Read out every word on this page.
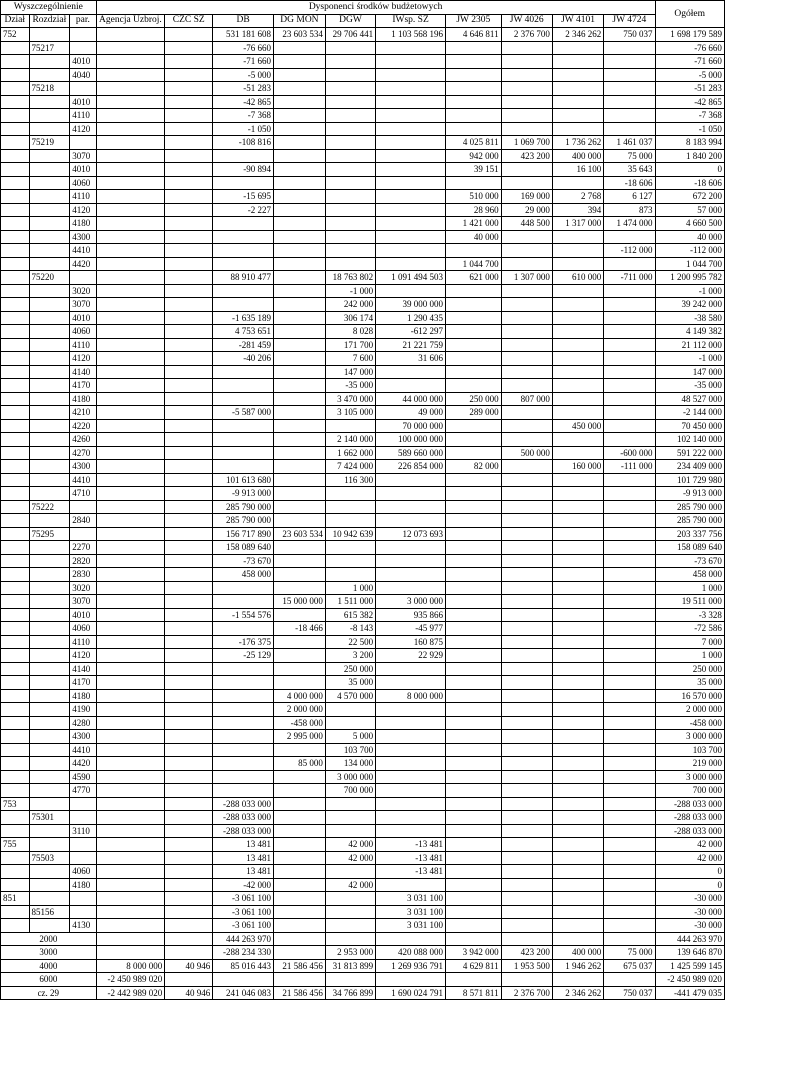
Wyszczególnienie			Dysponenci środków budżetowych										Ogółem
Dział	Rozdział	par.	Agencja Uzbroj.	CZC SZ	DB	DG MON	DGW	IWsp. SZ	JW 2305	JW 4026	JW 4101	JW 4724	
752					531 181 608	23 603 534	29 706 441	1 103 568 196	4 646 811	2 376 700	2 346 262	750 037	1 698 179 589
	75217				-76 660								-76 660
		4010			-71 660								-71 660
		4040			-5 000								-5 000
	75218				-51 283								-51 283
		4010			-42 865								-42 865
		4110			-7 368								-7 368
		4120			-1 050								-1 050
	75219				-108 816				4 025 811	1 069 700	1 736 262	1 461 037	8 183 994
		3070							942 000	423 200	400 000	75 000	1 840 200
		4010			-90 894				39 151		16 100	35 643	0
		4060										-18 606	-18 606
		4110			-15 695				510 000	169 000	2 768	6 127	672 200
		4120			-2 227				28 960	29 000	394	873	57 000
		4180							1 421 000	448 500	1 317 000	1 474 000	4 660 500
		4300							40 000				40 000
		4410										-112 000	-112 000
		4420							1 044 700				1 044 700
	75220				88 910 477		18 763 802	1 091 494 503	621 000	1 307 000	610 000	-711 000	1 200 995 782
		3020					-1 000						-1 000
		3070					242 000	39 000 000					39 242 000
		4010			-1 635 189		306 174	1 290 435					-38 580
		4060			4 753 651		8 028	-612 297					4 149 382
		4110			-281 459		171 700	21 221 759					21 112 000
		4120			-40 206		7 600	31 606					-1 000
		4140					147 000						147 000
		4170					-35 000						-35 000
		4180					3 470 000	44 000 000	250 000	807 000			48 527 000
		4210			-5 587 000		3 105 000	49 000	289 000				-2 144 000
		4220						70 000 000			450 000		70 450 000
		4260					2 140 000	100 000 000					102 140 000
		4270					1 662 000	589 660 000		500 000		-600 000	591 222 000
		4300					7 424 000	226 854 000	82 000		160 000	-111 000	234 409 000
		4410			101 613 680		116 300						101 729 980
		4710			-9 913 000								-9 913 000
	75222				285 790 000								285 790 000
		2840			285 790 000								285 790 000
	75295				156 717 890	23 603 534	10 942 639	12 073 693					203 337 756
		2270			158 089 640								158 089 640
		2820			-73 670								-73 670
		2830			458 000								458 000
		3020					1 000						1 000
		3070				15 000 000	1 511 000	3 000 000					19 511 000
		4010			-1 554 576		615 382	935 866					-3 328
		4060				-18 466	-8 143	-45 977					-72 586
		4110			-176 375		22 500	160 875					7 000
		4120			-25 129		3 200	22 929					1 000
		4140					250 000						250 000
		4170					35 000						35 000
		4180				4 000 000	4 570 000	8 000 000					16 570 000
		4190				2 000 000							2 000 000
		4280				-458 000							-458 000
		4300				2 995 000	5 000						3 000 000
		4410					103 700						103 700
		4420				85 000	134 000						219 000
		4590					3 000 000						3 000 000
		4770					700 000						700 000
753					-288 033 000								-288 033 000
	75301				-288 033 000								-288 033 000
		3110			-288 033 000								-288 033 000
755					13 481		42 000	-13 481					42 000
	75503				13 481		42 000	-13 481					42 000
		4060			13 481			-13 481					0
		4180			-42 000		42 000						0
851					-3 061 100			3 031 100					-30 000
	85156				-3 061 100			3 031 100					-30 000
		4130			-3 061 100			3 031 100					-30 000
2000					444 263 970								444 263 970
3000					-288 234 330		2 953 000	420 088 000	3 942 000	423 200	400 000	75 000	139 646 870
4000			8 000 000	40 946	85 016 443	21 586 456	31 813 899	1 269 936 791	4 629 811	1 953 500	1 946 262	675 037	1 425 599 145
6000			-2 450 989 020										-2 450 989 020
cz. 29			-2 442 989 020	40 946	241 046 083	21 586 456	34 766 899	1 690 024 791	8 571 811	2 376 700	2 346 262	750 037	-441 479 035
